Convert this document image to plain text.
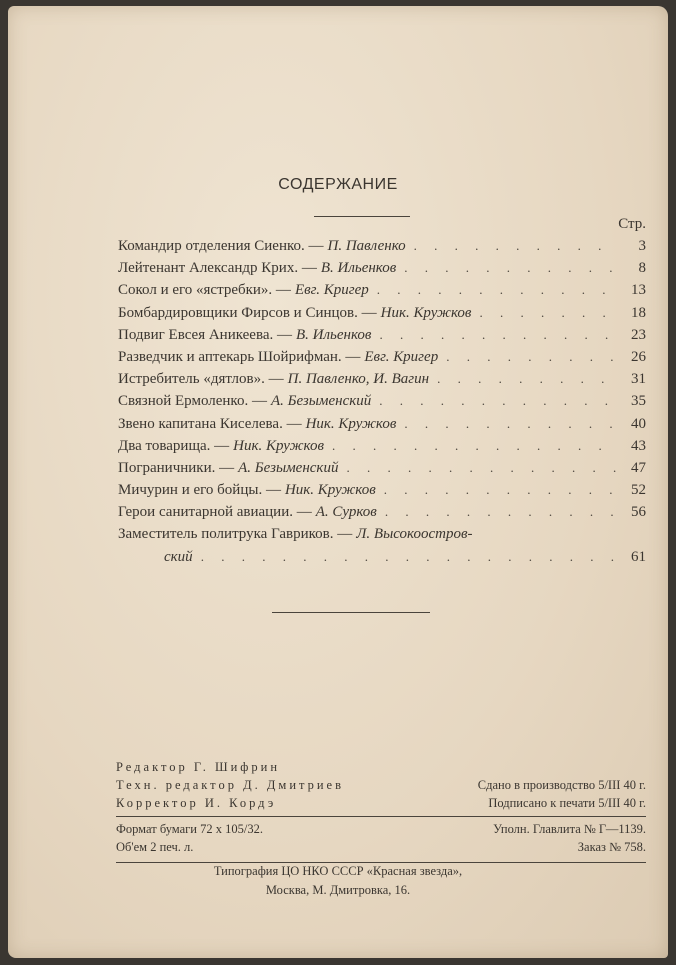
СОДЕРЖАНИЕ
Стр.
Командир отделения Сиенко. — П. Павленко . . .	3
Лейтенант Александр Крих. — В. Ильенков . . .	8
Сокол и его «ястребки». — Евг. Кригер . . .	13
Бомбардировщики Фирсов и Синцов. — Ник. Кружков . . .	18
Подвиг Евсея Аникеева. — В. Ильенков . . .	23
Разведчик и аптекарь Шойрифман. — Евг. Кригер . . .	26
Истребитель «дятлов». — П. Павленко, И. Вагин . . .	31
Связной Ермоленко. — А. Безыменский . . .	35
Звено капитана Киселева. — Ник. Кружков . . .	40
Два товарища. — Ник. Кружков . . .	43
Пограничники. — А. Безыменский . . .	47
Мичурин и его бойцы. — Ник. Кружков . . .	52
Герои санитарной авиации. — А. Сурков . . .	56
Заместитель политрука Гавриков. — Л. Высокоостров-
ский . . .	61
Редактор Г. Шифрин
Техн. редактор Д. Дмитриев	Сдано в производство 5/III 40 г.
Корректор И. Кордэ	Подписано к печати 5/III 40 г.
Формат бумаги 72 х 105/32.	Уполн. Главлита № Г—1139.
Об'ем 2 печ. л.	Заказ № 758.
Типография ЦО НКО СССР «Красная звезда»,
Москва, М. Дмитровка, 16.
